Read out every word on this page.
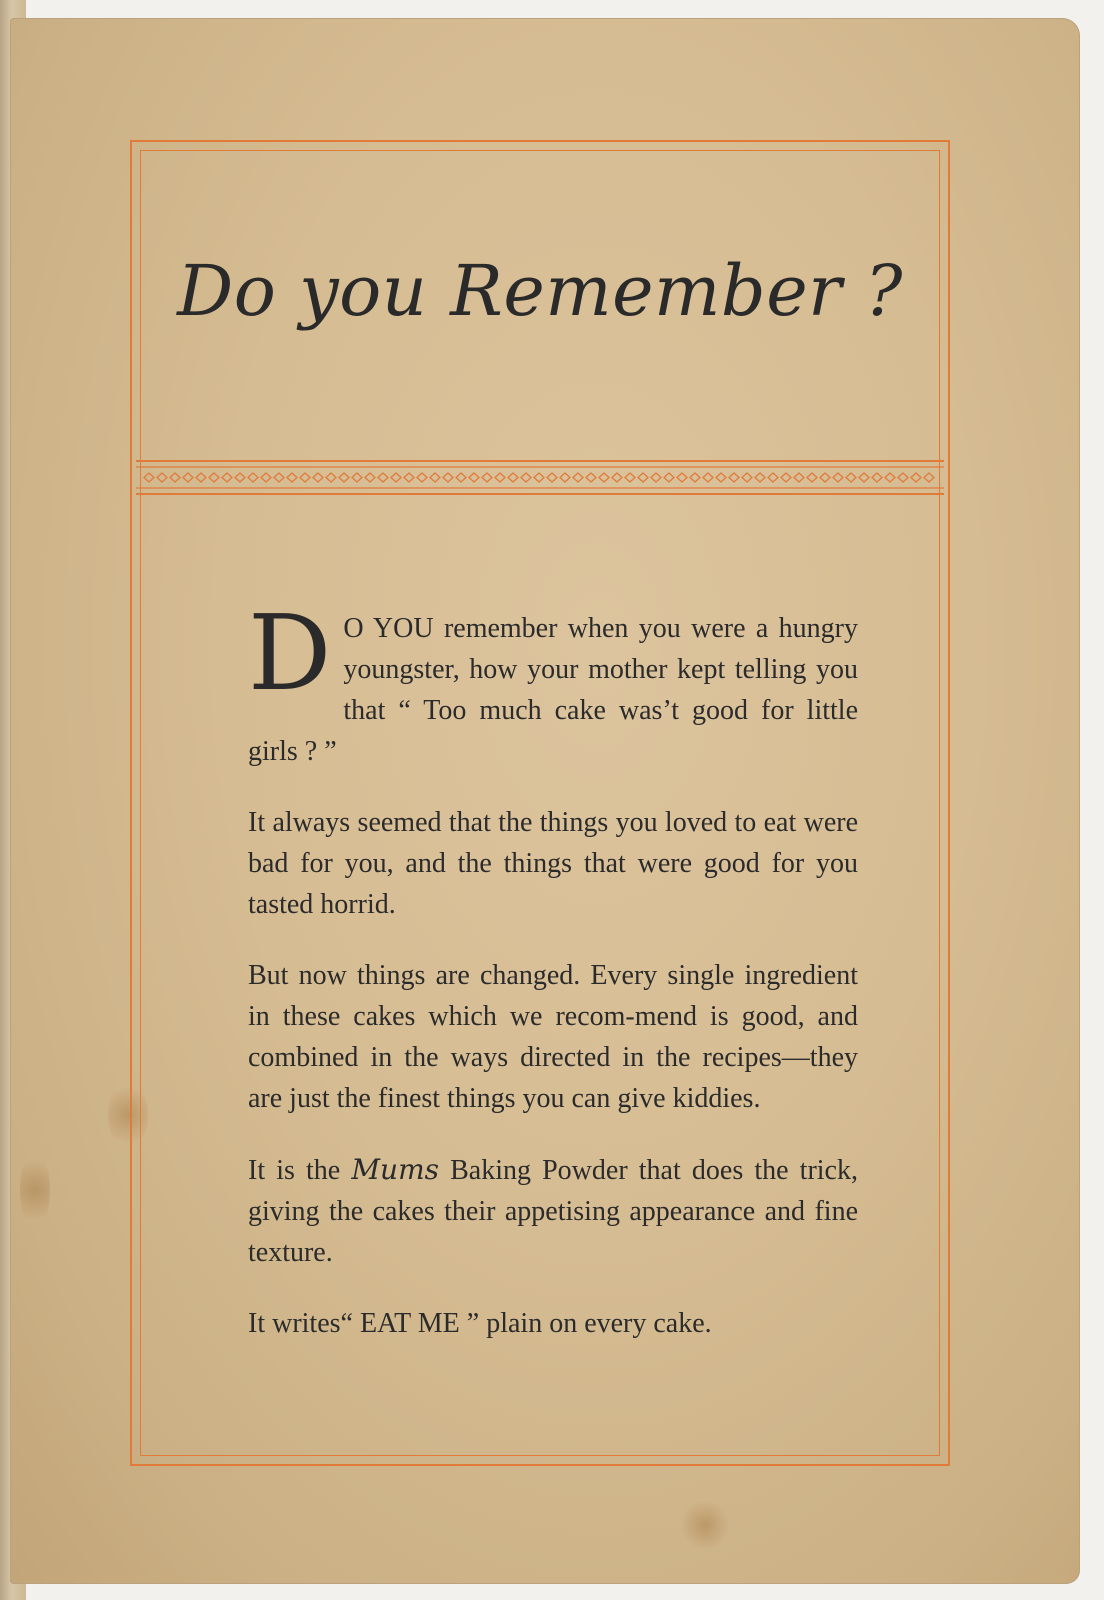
Do you Remember ?

D O YOU remember when you were a hungry youngster, how your mother kept telling you that “ Too much cake was’t good for little girls ? ”

It always seemed that the things you loved to eat were bad for you, and the things that were good for you tasted horrid.

But now things are changed. Every single ingredient in these cakes which we recom-mend is good, and combined in the ways directed in the recipes—they are just the finest things you can give kiddies.

It is the Mums Baking Powder that does the trick, giving the cakes their appetising appearance and fine texture.

It writes“ EAT ME ” plain on every cake.
